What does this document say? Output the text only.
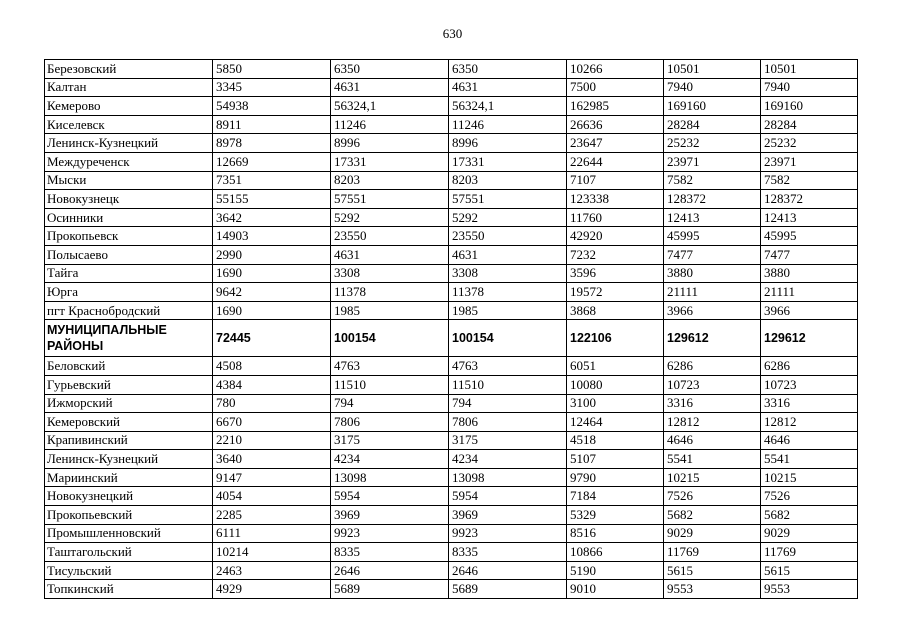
630
Березовский	5850	6350	6350	10266	10501	10501
Калтан	3345	4631	4631	7500	7940	7940
Кемерово	54938	56324,1	56324,1	162985	169160	169160
Киселевск	8911	11246	11246	26636	28284	28284
Ленинск-Кузнецкий	8978	8996	8996	23647	25232	25232
Междуреченск	12669	17331	17331	22644	23971	23971
Мыски	7351	8203	8203	7107	7582	7582
Новокузнецк	55155	57551	57551	123338	128372	128372
Осинники	3642	5292	5292	11760	12413	12413
Прокопьевск	14903	23550	23550	42920	45995	45995
Полысаево	2990	4631	4631	7232	7477	7477
Тайга	1690	3308	3308	3596	3880	3880
Юрга	9642	11378	11378	19572	21111	21111
пгт Краснобродский	1690	1985	1985	3868	3966	3966
МУНИЦИПАЛЬНЫЕ РАЙОНЫ	72445	100154	100154	122106	129612	129612
Беловский	4508	4763	4763	6051	6286	6286
Гурьевский	4384	11510	11510	10080	10723	10723
Ижморский	780	794	794	3100	3316	3316
Кемеровский	6670	7806	7806	12464	12812	12812
Крапивинский	2210	3175	3175	4518	4646	4646
Ленинск-Кузнецкий	3640	4234	4234	5107	5541	5541
Мариинский	9147	13098	13098	9790	10215	10215
Новокузнецкий	4054	5954	5954	7184	7526	7526
Прокопьевский	2285	3969	3969	5329	5682	5682
Промышленновский	6111	9923	9923	8516	9029	9029
Таштагольский	10214	8335	8335	10866	11769	11769
Тисульский	2463	2646	2646	5190	5615	5615
Топкинский	4929	5689	5689	9010	9553	9553
